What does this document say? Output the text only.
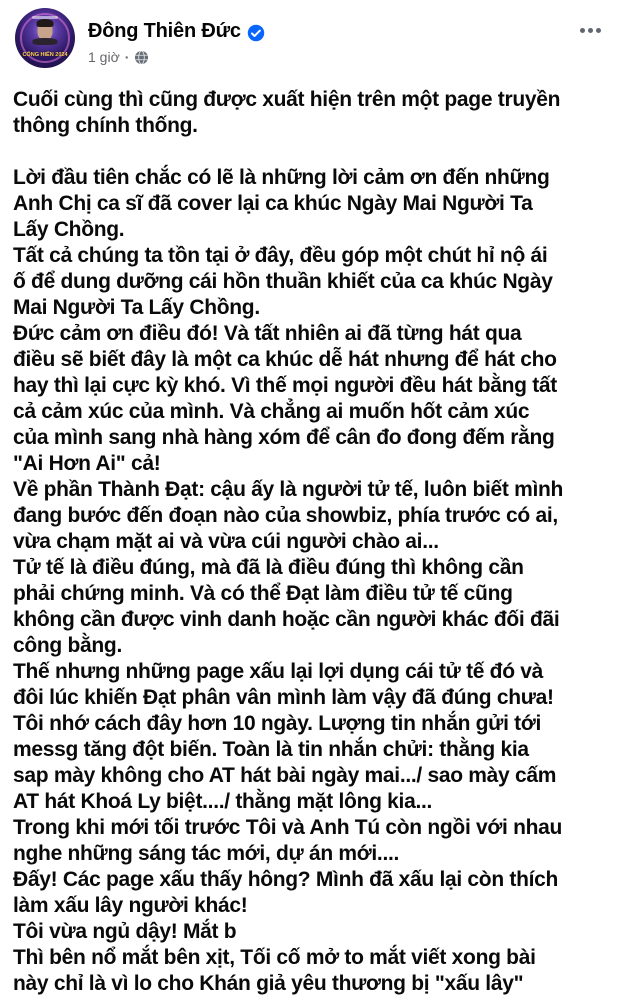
CỐNG HIẾN 2024
Đông Thiên Đức
1 giờ ·
Cuối cùng thì cũng được xuất hiện trên một page truyền
thông chính thống.

Lời đầu tiên chắc có lẽ là những lời cảm ơn đến những
Anh Chị ca sĩ đã cover lại ca khúc Ngày Mai Người Ta
Lấy Chồng.
Tất cả chúng ta tồn tại ở đây, đều góp một chút hỉ nộ ái
ố để dung dưỡng cái hồn thuần khiết của ca khúc Ngày
Mai Người Ta Lấy Chồng.
Đức cảm ơn điều đó! Và tất nhiên ai đã từng hát qua
điều sẽ biết đây là một ca khúc dễ hát nhưng để hát cho
hay thì lại cực kỳ khó. Vì thế mọi người đều hát bằng tất
cả cảm xúc của mình. Và chẳng ai muốn hốt cảm xúc
của mình sang nhà hàng xóm để cân đo đong đếm rằng
"Ai Hơn Ai" cả!
Về phần Thành Đạt: cậu ấy là người tử tế, luôn biết mình
đang bước đến đoạn nào của showbiz, phía trước có ai,
vừa chạm mặt ai và vừa cúi người chào ai...
Tử tế là điều đúng, mà đã là điều đúng thì không cần
phải chứng minh. Và có thể Đạt làm điều tử tế cũng
không cần được vinh danh hoặc cần người khác đối đãi
công bằng.
Thế nhưng những page xấu lại lợi dụng cái tử tế đó và
đôi lúc khiến Đạt phân vân mình làm vậy đã đúng chưa!
Tôi nhớ cách đây hơn 10 ngày. Lượng tin nhắn gửi tới
messg tăng đột biến. Toàn là tin nhắn chửi: thằng kia
sap mày không cho AT hát bài ngày mai.../ sao mày cấm
AT hát Khoá Ly biệt..../ thằng mặt lông kia...
Trong khi mới tối trước Tôi và Anh Tú còn ngồi với nhau
nghe những sáng tác mới, dự án mới....
Đấy! Các page xấu thấy hông? Mình đã xấu lại còn thích
làm xấu lây người khác!
Tôi vừa ngủ dậy! Mắt b
Thì bên nổ mắt bên xịt, Tối cố mở to mắt viết xong bài
này chỉ là vì lo cho Khán giả yêu thương bị "xấu lây"
